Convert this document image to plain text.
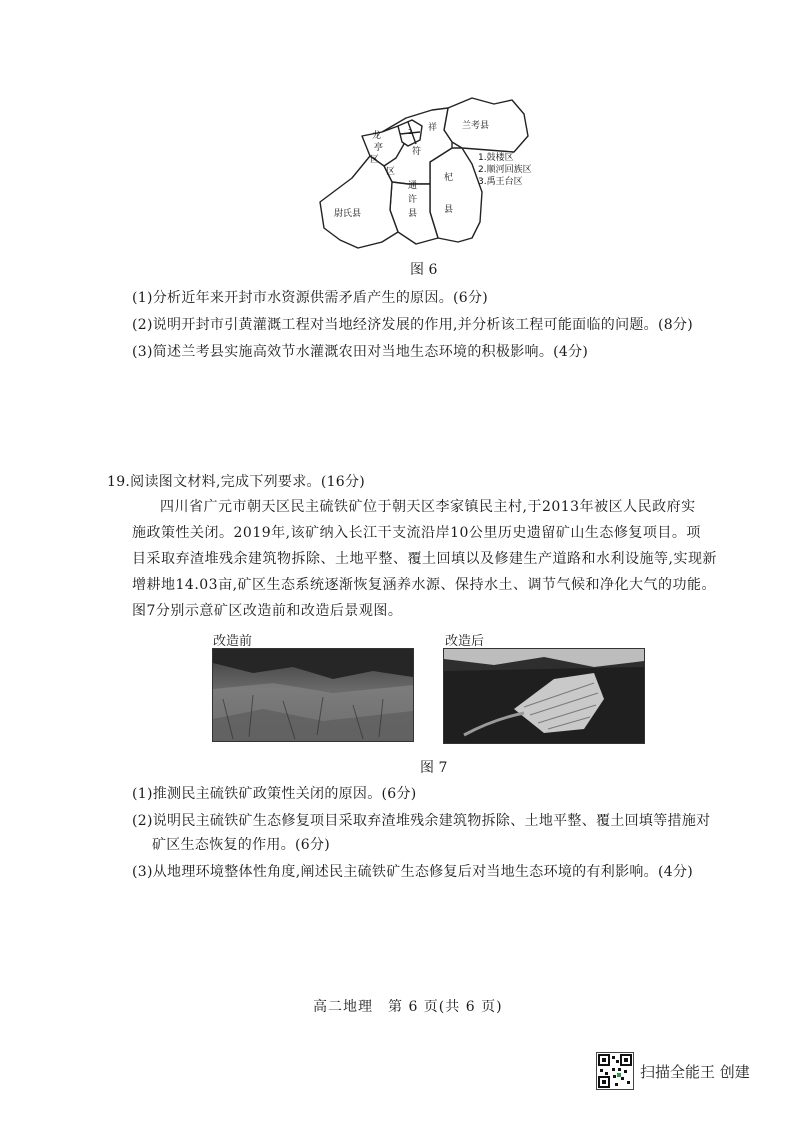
龙
亭
区
2 祥
符
区
兰考县
1.鼓楼区
2.顺河回族区
3.禹王台区
杞
县
通
许
县
尉氏县
图 6
(1)分析近年来开封市水资源供需矛盾产生的原因。(6分)
(2)说明开封市引黄灌溉工程对当地经济发展的作用,并分析该工程可能面临的问题。(8分)
(3)简述兰考县实施高效节水灌溉农田对当地生态环境的积极影响。(4分)
19.阅读图文材料,完成下列要求。(16分)
四川省广元市朝天区民主硫铁矿位于朝天区李家镇民主村,于2013年被区人民政府实
施政策性关闭。2019年,该矿纳入长江干支流沿岸10公里历史遗留矿山生态修复项目。项
目采取弃渣堆残余建筑物拆除、土地平整、覆土回填以及修建生产道路和水利设施等,实现新
增耕地14.03亩,矿区生态系统逐渐恢复涵养水源、保持水土、调节气候和净化大气的功能。
图7分别示意矿区改造前和改造后景观图。
改造前	改造后
图 7
(1)推测民主硫铁矿政策性关闭的原因。(6分)
(2)说明民主硫铁矿生态修复项目采取弃渣堆残余建筑物拆除、土地平整、覆土回填等措施对
矿区生态恢复的作用。(6分)
(3)从地理环境整体性角度,阐述民主硫铁矿生态修复后对当地生态环境的有利影响。(4分)
高二地理　第 6 页(共 6 页)
扫描全能王 创建
